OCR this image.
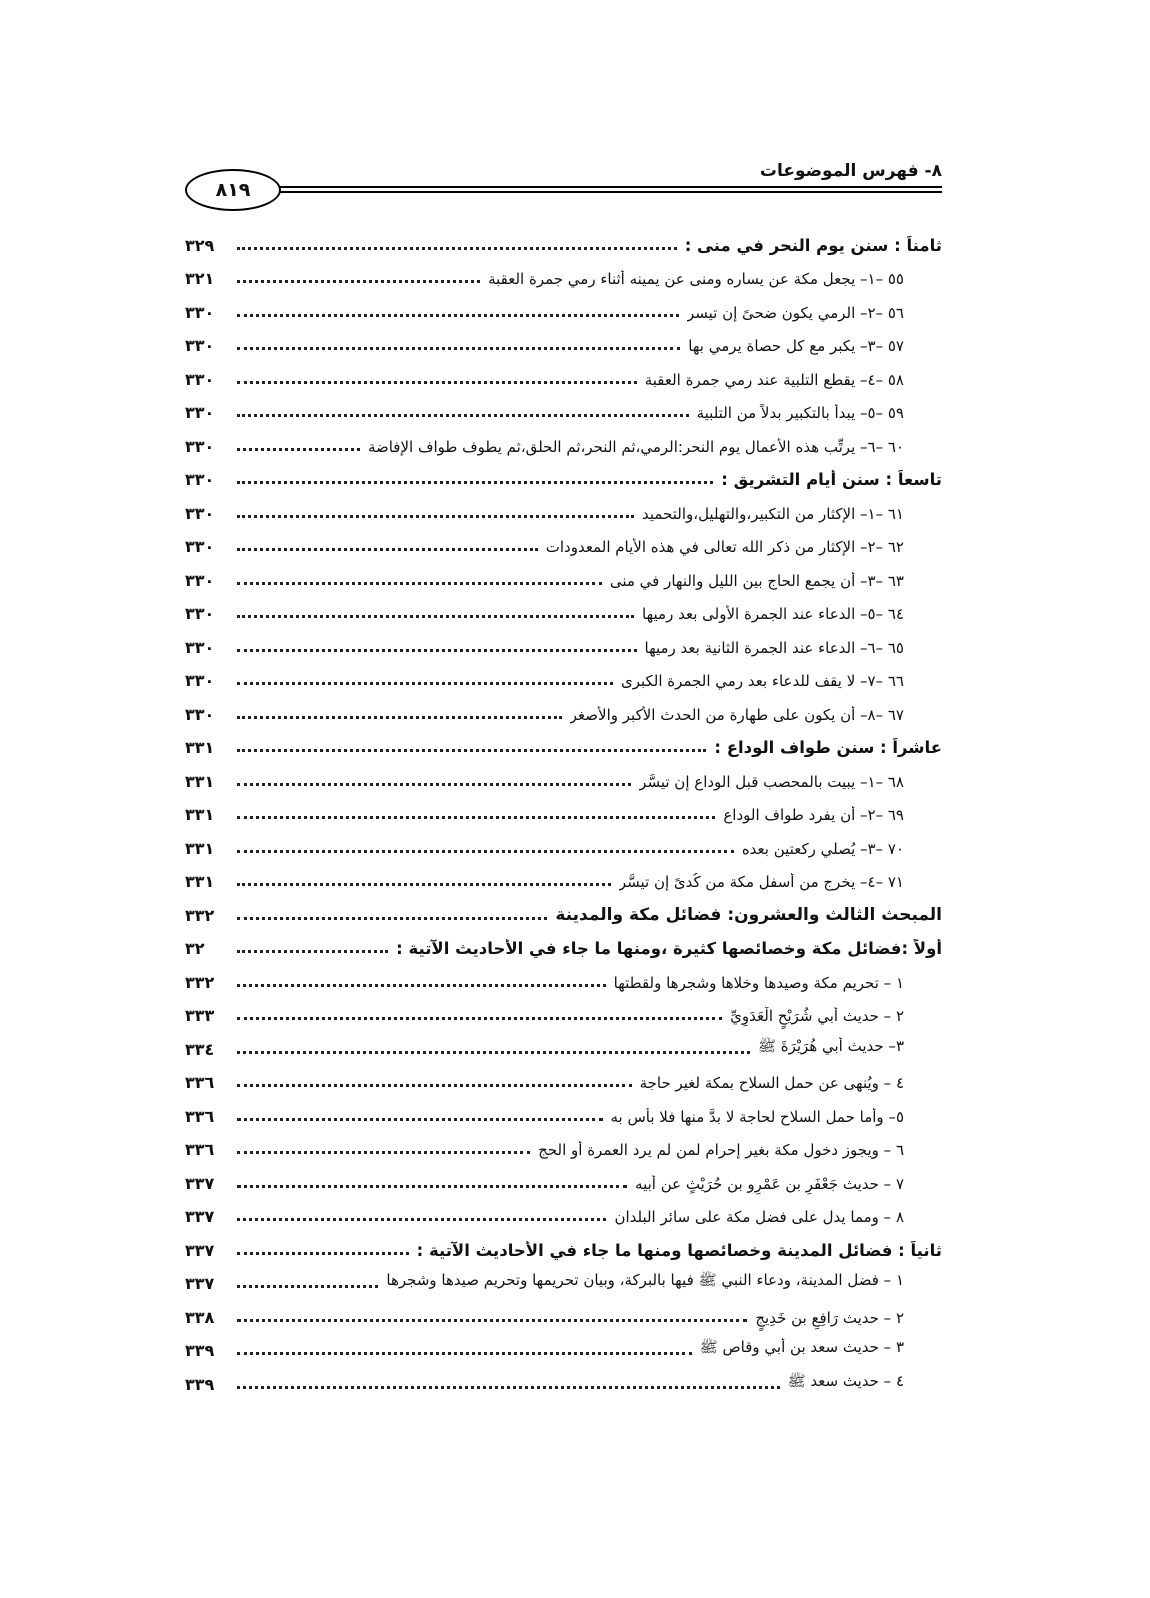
٨- فهرس الموضوعات
٨١٩
ثامناً : سنن يوم النحر في منى :
٣٢٩
٥٥ –١– يجعل مكة عن يساره ومنى عن يمينه أثناء رمي جمرة العقبة
٣٢١
٥٦ –٢– الرمي يكون ضحىً إن تيسر
٣٣٠
٥٧ –٣– يكبر مع كل حصاة يرمي بها
٣٣٠
٥٨ –٤– يقطع التلبية عند رمي جمرة العقبة
٣٣٠
٥٩ –٥– يبدأ بالتكبير بدلاً من التلبية
٣٣٠
٦٠ –٦– يرتِّب هذه الأعمال يوم النحر:الرمي،ثم النحر،ثم الحلق،ثم يطوف طواف الإفاضة
٣٣٠
تاسعاً : سنن أيام التشريق :
٣٣٠
٦١ –١– الإكثار من التكبير،والتهليل،والتحميد
٣٣٠
٦٢ –٢– الإكثار من ذكر الله تعالى في هذه الأيام المعدودات
٣٣٠
٦٣ –٣– أن يجمع الحاج بين الليل والنهار في منى
٣٣٠
٦٤ –٥– الدعاء عند الجمرة الأولى بعد رميها
٣٣٠
٦٥ –٦– الدعاء عند الجمرة الثانية بعد رميها
٣٣٠
٦٦ –٧– لا يقف للدعاء بعد رمي الجمرة الكبرى
٣٣٠
٦٧ –٨– أن يكون على طهارة من الحدث الأكبر والأصغر
٣٣٠
عاشراً : سنن طواف الوداع :
٣٣١
٦٨ –١– يبيت بالمحصب قبل الوداع إن تيسَّر
٣٣١
٦٩ –٢– أن يفرد طواف الوداع
٣٣١
٧٠ –٣– يُصلي ركعتين بعده
٣٣١
٧١ –٤– يخرج من أسفل مكة من كُدىً إن تيسَّر
٣٣١
المبحث الثالث والعشرون: فضائل مكة والمدينة
٣٣٢
أولاً :فضائل مكة وخصائصها كثيرة ،ومنها ما جاء في الأحاديث الآتية :
٣٢
١ – تحريم مكة وصيدها وخلاها وشجرها ولقطتها
٣٣٢
٢ – حديث أبي شُرَيْحٍ الْعَدَوِيِّ
٣٣٣
٣– حديث أبي هُرَيْرَةَ ﷺ
٣٣٤
٤ – ويُنهى عن حمل السلاح بمكة لغير حاجة
٣٣٦
٥– وأما حمل السلاح لحاجة لا بدَّ منها فلا بأس به
٣٣٦
٦ – ويجوز دخول مكة بغير إحرام لمن لم يرد العمرة أو الحج
٣٣٦
٧ – حديث جَعْفَرِ بن عَمْرِو بن حُرَيْثٍ عن أبيه
٣٣٧
٨ – ومما يدل على فضل مكة على سائر البلدان
٣٣٧
ثانياً : فضائل المدينة وخصائصها ومنها ما جاء في الأحاديث الآتية :
٣٣٧
١ – فضل المدينة، ودعاء النبي ﷺ فيها بالبركة، وبيان تحريمها وتحريم صيدها وشجرها
٣٣٧
٢ – حديث رَافِعِ بن خَدِيجٍ
٣٣٨
٣ – حديث سعد بن أبي وقاص ﷺ
٣٣٩
٤ – حديث سعد ﷺ
٣٣٩
